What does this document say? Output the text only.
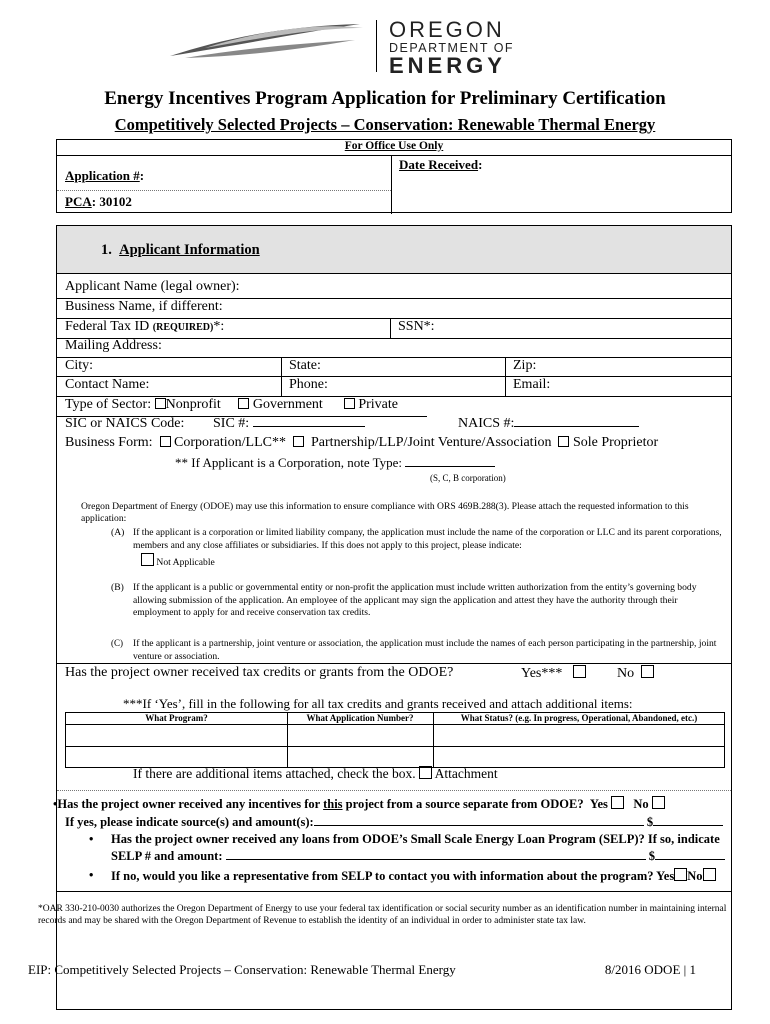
OREGON
DEPARTMENT OF
ENERGY
Energy Incentives Program Application for Preliminary Certification
Competitively Selected Projects – Conservation: Renewable Thermal Energy
For Office Use Only
Application #:
Date Received:
PCA: 30102
1. Applicant Information
Applicant Name (legal owner):
Business Name, if different:
Federal Tax ID (REQUIRED)*:	SSN*:
Mailing Address:
City:	State:	Zip:
Contact Name:	Phone:	Email:
Type of Sector: Nonprofit Government	Private
SIC or NAICS Code: SIC #:	NAICS #:
Business Form: Corporation/LLC** Partnership/LLP/Joint Venture/Association Sole Proprietor
** If Applicant is a Corporation, note Type:
(S, C, B corporation)
Oregon Department of Energy (ODOE) may use this information to ensure compliance with ORS 469B.288(3). Please attach the requested information to this application:
(A) If the applicant is a corporation or limited liability company, the application must include the name of the corporation or LLC and its parent corporations, members and any close affiliates or subsidiaries. If this does not apply to this project, please indicate:
Not Applicable
(B) If the applicant is a public or governmental entity or non-profit the application must include written authorization from the entity’s governing body allowing submission of the application. An employee of the applicant may sign the application and attest they have the authority through their employment to apply for and receive conservation tax credits.
(C)	If the applicant is a partnership, joint venture or association, the application must include the names of each person participating in the partnership, joint venture or association.
Has the project owner received tax credits or grants from the ODOE?	Yes***	No
***If ‘Yes’, fill in the following for all tax credits and grants received and attach additional items:
What Program?	What Application Number?	What Status? (e.g. In progress, Operational, Abandoned, etc.)
If there are additional items attached, check the box. Attachment
•Has the project owner received any incentives for this project from a source separate from ODOE? Yes No
If yes, please indicate source(s) and amount(s):	$
• Has the project owner received any loans from ODOE’s Small Scale Energy Loan Program (SELP)? If so, indicate
SELP # and amount:	$
• If no, would you like a representative from SELP to contact you with information about the program? Yes No
*OAR 330-210-0030 authorizes the Oregon Department of Energy to use your federal tax identification or social security number as an identification number in maintaining internal records and may be shared with the Oregon Department of Revenue to establish the identity of an individual in order to administer state tax law.
EIP: Competitively Selected Projects – Conservation: Renewable Thermal Energy	8/2016 ODOE | 1
